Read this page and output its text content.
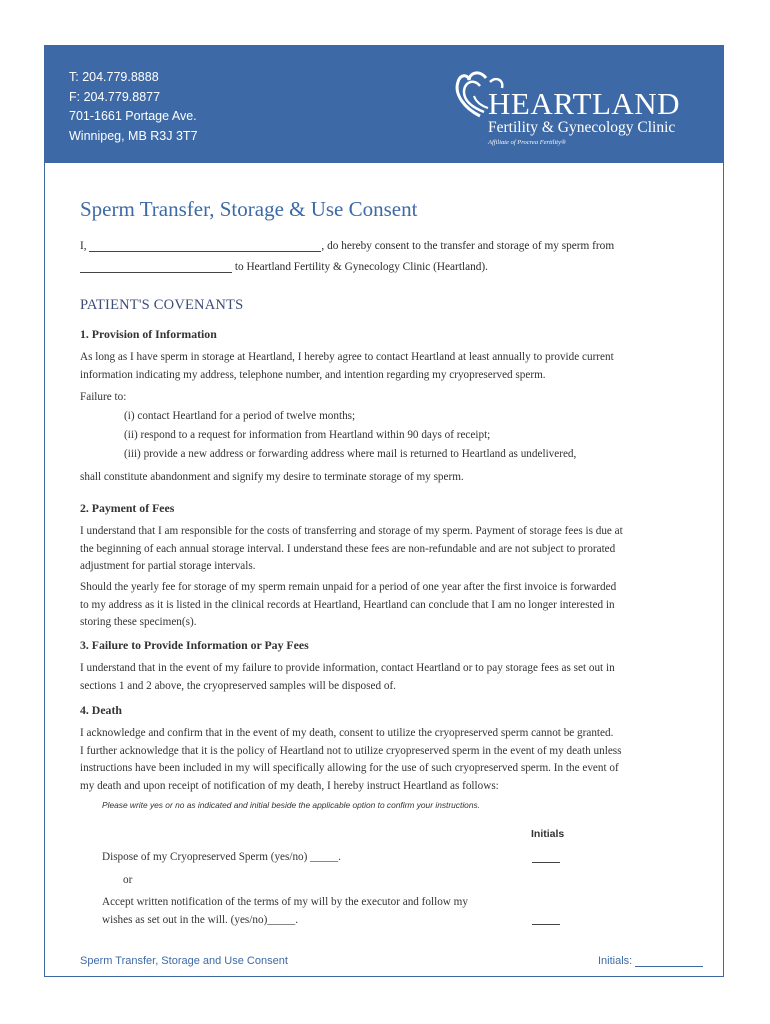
T: 204.779.8888
F: 204.779.8877
701-1661 Portage Ave.
Winnipeg, MB R3J 3T7
HEARTLAND
Fertility & Gynecology Clinic
Affiliate of Procrea Fertility®
Sperm Transfer, Storage & Use Consent
I,	, do hereby consent to the transfer and storage of my sperm from
to Heartland Fertility & Gynecology Clinic (Heartland).
PATIENT'S COVENANTS
1. Provision of Information
As long as I have sperm in storage at Heartland, I hereby agree to contact Heartland at least annually to provide current
information indicating my address, telephone number, and intention regarding my cryopreserved sperm.
Failure to:
(i) contact Heartland for a period of twelve months;
(ii) respond to a request for information from Heartland within 90 days of receipt;
(iii) provide a new address or forwarding address where mail is returned to Heartland as undelivered,
shall constitute abandonment and signify my desire to terminate storage of my sperm.
2. Payment of Fees
I understand that I am responsible for the costs of transferring and storage of my sperm. Payment of storage fees is due at
the beginning of each annual storage interval. I understand these fees are non-refundable and are not subject to prorated
adjustment for partial storage intervals.
Should the yearly fee for storage of my sperm remain unpaid for a period of one year after the first invoice is forwarded
to my address as it is listed in the clinical records at Heartland, Heartland can conclude that I am no longer interested in
storing these specimen(s).
3. Failure to Provide Information or Pay Fees
I understand that in the event of my failure to provide information, contact Heartland or to pay storage fees as set out in
sections 1 and 2 above, the cryopreserved samples will be disposed of.
4. Death
I acknowledge and confirm that in the event of my death, consent to utilize the cryopreserved sperm cannot be granted.
I further acknowledge that it is the policy of Heartland not to utilize cryopreserved sperm in the event of my death unless
instructions have been included in my will specifically allowing for the use of such cryopreserved sperm. In the event of
my death and upon receipt of notification of my death, I hereby instruct Heartland as follows:
Please write yes or no as indicated and initial beside the applicable option to confirm your instructions.
Initials
Dispose of my Cryopreserved Sperm (yes/no) _____.
or
Accept written notification of the terms of my will by the executor and follow my
wishes as set out in the will. (yes/no)_____.
Sperm Transfer, Storage and Use Consent	Initials:
